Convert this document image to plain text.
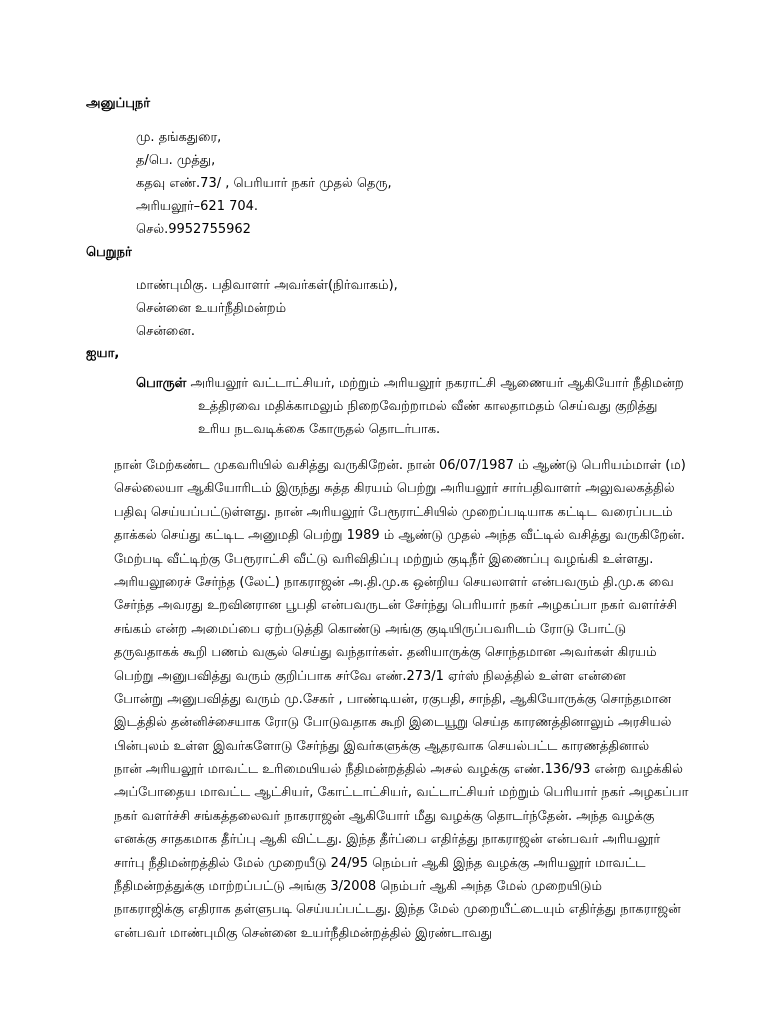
அனுப்புநர்
மு. தங்கதுரை,
த/பெ. முத்து,
கதவு எண்.73/ , பெரியார் நகர் முதல் தெரு,
அரியலூர்–621 704.
செல்.9952755962
பெறுநர்
மாண்புமிகு. பதிவாளர் அவர்கள்(நிர்வாகம்),
சென்னை உயர்நீதிமன்றம்
சென்னை.
ஐயா,
பொருள் அரியலூர் வட்டாட்சியர், மற்றும் அரியலூர் நகராட்சி ஆணையர் ஆகியோர் நீதிமன்ற
உத்திரவை மதிக்காமலும் நிறைவேற்றாமல் வீண் காலதாமதம் செய்வது குறித்து
உரிய நடவடிக்கை கோருதல் தொடர்பாக.
நான் மேற்கண்ட முகவரியில் வசித்து வருகிறேன். நான் 06/07/1987 ம் ஆண்டு பெரியம்மாள் (ம)
செல்லையா ஆகியோரிடம் இருந்து சுத்த கிரயம் பெற்று அரியலூர் சார்பதிவாளர் அலுவலகத்தில்
பதிவு செய்யப்பட்டுள்ளது. நான் அரியலூர் பேரூராட்சியில் முறைப்படியாக கட்டிட வரைப்படம்
தாக்கல் செய்து கட்டிட அனுமதி பெற்று 1989 ம் ஆண்டு முதல் அந்த வீட்டில் வசித்து வருகிறேன்.
மேற்படி வீட்டிற்கு பேரூராட்சி வீட்டு வரிவிதிப்பு மற்றும் குடிநீர் இணைப்பு வழங்கி உள்ளது.
அரியலூரைச் சேர்ந்த (லேட்) நாகராஜன் அ.தி.மு.க ஒன்றிய செயலாளர் என்பவரும் தி.மு.க வை
சேர்ந்த அவரது உறவினரான பூபதி என்பவருடன் சேர்ந்து பெரியார் நகர் அழகப்பா நகர் வளர்ச்சி
சங்கம் என்ற அமைப்பை ஏற்படுத்தி கொண்டு அங்கு குடியிருப்பவரிடம் ரோடு போட்டு
தருவதாகக் கூறி பணம் வசூல் செய்து வந்தார்கள். தனியாருக்கு சொந்தமான அவர்கள் கிரயம்
பெற்று அனுபவித்து வரும் குறிப்பாக சர்வே எண்.273/1 ஏர்ஸ் நிலத்தில் உள்ள என்னை
போன்று அனுபவித்து வரும் மு.சேகர் , பாண்டியன், ரகுபதி, சாந்தி, ஆகியோருக்கு சொந்தமான
இடத்தில் தன்னிச்சையாக ரோடு போடுவதாக கூறி இடையூறு செய்த காரணத்தினாலும் அரசியல்
பின்புலம் உள்ள இவர்களோடு சேர்ந்து இவர்களுக்கு ஆதரவாக செயல்பட்ட காரணத்தினால்
நான் அரியலூர் மாவட்ட உரிமையியல் நீதிமன்றத்தில் அசல் வழக்கு எண்.136/93 என்ற வழக்கில்
அப்போதைய மாவட்ட ஆட்சியர், கோட்டாட்சியர், வட்டாட்சியர் மற்றும் பெரியார் நகர் அழகப்பா
நகர் வளர்ச்சி சங்கத்தலைவர் நாகராஜன் ஆகியோர் மீது வழக்கு தொடர்ந்தேன். அந்த வழக்கு
எனக்கு சாதகமாக தீர்ப்பு ஆகி விட்டது. இந்த தீர்ப்பை எதிர்த்து நாகராஜன் என்பவர் அரியலூர்
சார்பு நீதிமன்றத்தில் மேல் முறையீடு 24/95 நெம்பர் ஆகி இந்த வழக்கு அரியலூர் மாவட்ட
நீதிமன்றத்துக்கு மாற்றப்பட்டு அங்கு 3/2008 நெம்பர் ஆகி அந்த மேல் முறையிடும்
நாகராஜிக்கு எதிராக தள்ளுபடி செய்யப்பட்டது. இந்த மேல் முறையீட்டையும் எதிர்த்து நாகராஜன்
என்பவர் மாண்புமிகு சென்னை உயர்நீதிமன்றத்தில் இரண்டாவது
